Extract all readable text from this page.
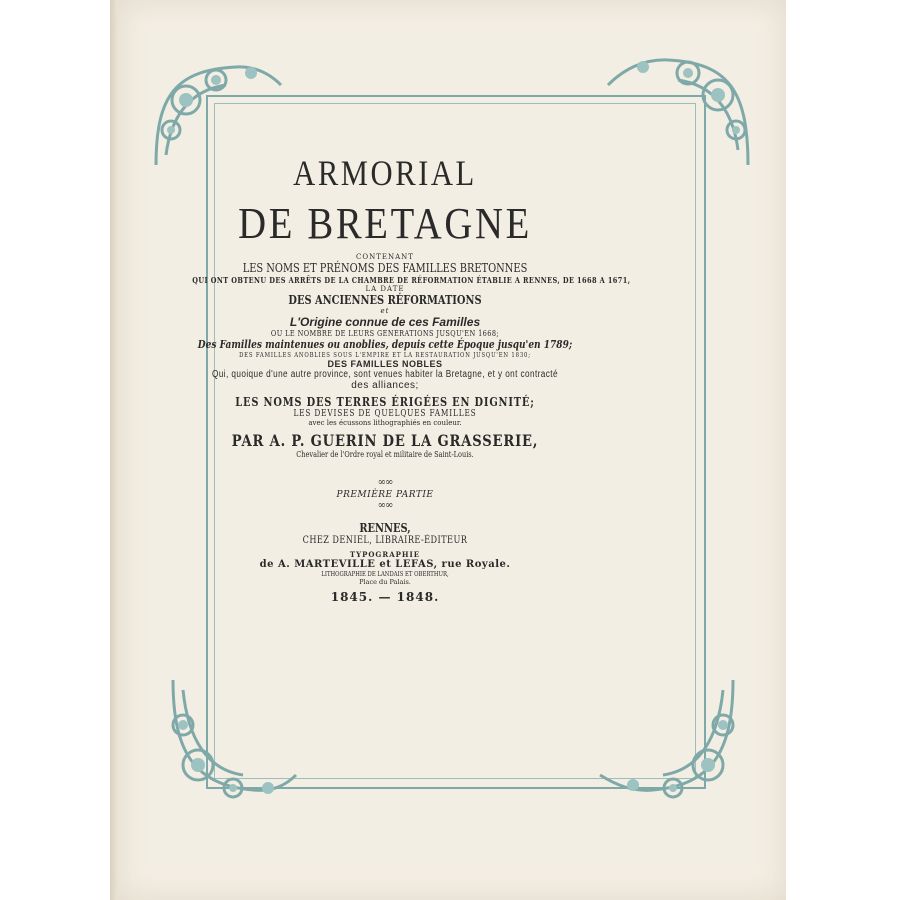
ARMORIAL
DE BRETAGNE
CONTENANT
LES NOMS ET PRÉNOMS DES FAMILLES BRETONNES
QUI ONT OBTENU DES ARRÊTS DE LA CHAMBRE DE RÉFORMATION ÉTABLIE A RENNES, DE 1668 A 1671,
LA DATE
DES ANCIENNES RÉFORMATIONS
et
L'Origine connue de ces Familles
OU LE NOMBRE DE LEURS GÉNÉRATIONS JUSQU'EN 1668;
Des Familles maintenues ou anoblies, depuis cette Époque jusqu'en 1789;
DES FAMILLES ANOBLIES SOUS L'EMPIRE ET LA RESTAURATION JUSQU'EN 1830;
DES FAMILLES NOBLES
Qui, quoique d'une autre province, sont venues habiter la Bretagne, et y ont contracté
des alliances;
LES NOMS DES TERRES ÉRIGÉES EN DIGNITÉ;
LES DEVISES DE QUELQUES FAMILLES
avec les écussons lithographiés en couleur.
PAR A. P. GUERIN DE LA GRASSERIE,
Chevalier de l'Ordre royal et militaire de Saint-Louis.
∞∞
PREMIÈRE PARTIE
∞∞
RENNES,
CHEZ DENIEL, LIBRAIRE-ÉDITEUR
TYPOGRAPHIE
de A. MARTEVILLE et LEFAS, rue Royale.
LITHOGRAPHIE DE LANDAIS ET OBERTHUR,
Place du Palais.
1845. — 1848.
